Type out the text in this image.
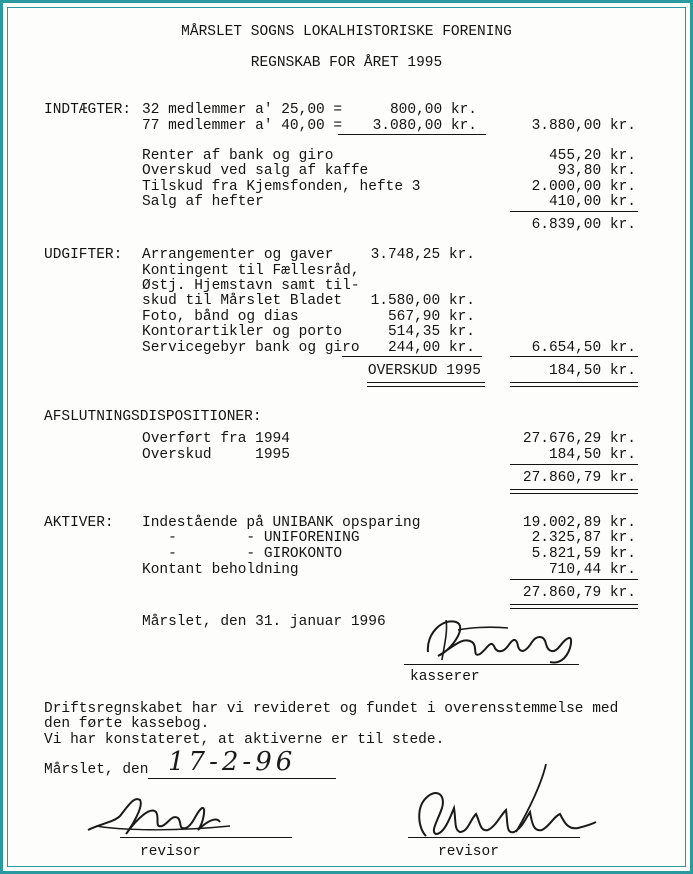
MÅRSLET SOGNS LOKALHISTORISKE FORENING

REGNSKAB FOR ÅRET 1995

INDTÆGTER: 32 medlemmer a' 25,00 =	800,00 kr.

77 medlemmer a' 40,00 = 3.080,00 kr.	3.880,00 kr.

Renter af bank og giro	455,20 kr.

Overskud ved salg af kaffe	93,80 kr.

Tilskud fra Kjemsfonden, hefte 3	2.000,00 kr.

Salg af hefter	410,00 kr.

6.839,00 kr.

UDGIFTER: Arrangementer og gaver	3.748,25 kr.

Kontingent til Fællesråd,

Østj. Hjemstavn samt til-

skud til Mårslet Bladet 1.580,00 kr.

Foto, bånd og dias	567,90 kr.

Kontorartikler og porto	514,35 kr.

Servicegebyr bank og giro 244,00 kr.	6.654,50 kr.

OVERSKUD 1995	184,50 kr.

AFSLUTNINGSDISPOSITIONER:

Overført fra 1994	27.676,29 kr.

Overskud     1995	184,50 kr.

27.860,79 kr.

AKTIVER: Indestående på UNIBANK opsparing	19.002,89 kr.

-        - UNIFORENING	2.325,87 kr.

-        - GIROKONTO	5.821,59 kr.

Kontant beholdning	710,44 kr.

27.860,79 kr.

Mårslet, den 31. januar 1996

kasserer

Driftsregnskabet har vi revideret og fundet i overensstemmelse med

den førte kassebog.

Vi har konstateret, at aktiverne er til stede.

Mårslet, den 17-2-96

revisor	revisor
